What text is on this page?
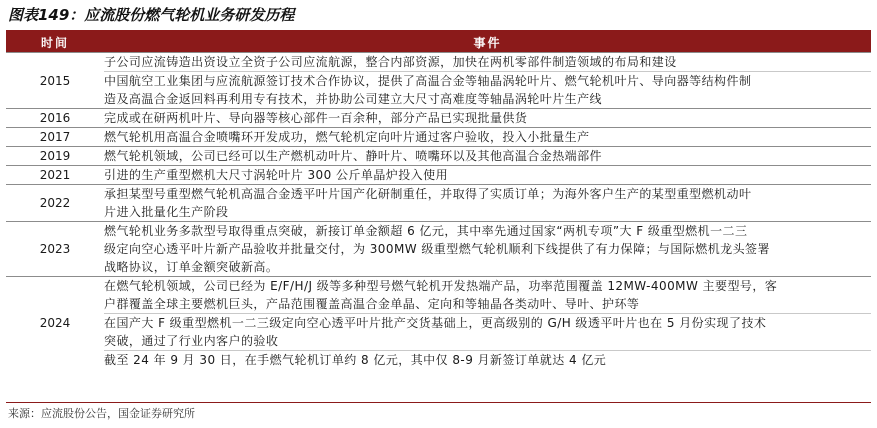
图表149：应流股份燃气轮机业务研发历程
时间	事件
2015	子公司应流铸造出资设立全资子公司应流航源，整合内部资源，加快在两机零部件制造领域的布局和建设

	中国航空工业集团与应流航源签订技术合作协议，提供了高温合金等轴晶涡轮叶片、燃气轮机叶片、导向器等结构件制
造及高温合金返回料再利用专有技术，并协助公司建立大尺寸高难度等轴晶涡轮叶片生产线

2016	完成或在研两机叶片、导向器等核心部件一百余种，部分产品已实现批量供货

2017	燃气轮机用高温合金喷嘴环开发成功，燃气轮机定向叶片通过客户验收，投入小批量生产

2019	燃气轮机领域，公司已经可以生产燃机动叶片、静叶片、喷嘴环以及其他高温合金热端部件

2021	引进的生产重型燃机大尺寸涡轮叶片 300 公斤单晶炉投入使用

2022	承担某型号重型燃气轮机高温合金透平叶片国产化研制重任，并取得了实质订单；为海外客户生产的某型重型燃机动叶
片进入批量化生产阶段

2023	燃气轮机业务多款型号取得重点突破，新接订单金额超 6 亿元，其中率先通过国家“两机专项”大 F 级重型燃机一二三
级定向空心透平叶片新产品验收并批量交付，为 300MW 级重型燃气轮机顺利下线提供了有力保障；与国际燃机龙头签署
战略协议，订单金额突破新高。

2024	在燃气轮机领域，公司已经为 E/F/H/J 级等多种型号燃气轮机开发热端产品，功率范围覆盖 12MW-400MW 主要型号，客
户群覆盖全球主要燃机巨头，产品范围覆盖高温合金单晶、定向和等轴晶各类动叶、导叶、护环等

	在国产大 F 级重型燃机一二三级定向空心透平叶片批产交货基础上，更高级别的 G/H 级透平叶片也在 5 月份实现了技术
突破，通过了行业内客户的验收

	截至 24 年 9 月 30 日，在手燃气轮机订单约 8 亿元，其中仅 8-9 月新签订单就达 4 亿元
来源：应流股份公告，国金证券研究所
